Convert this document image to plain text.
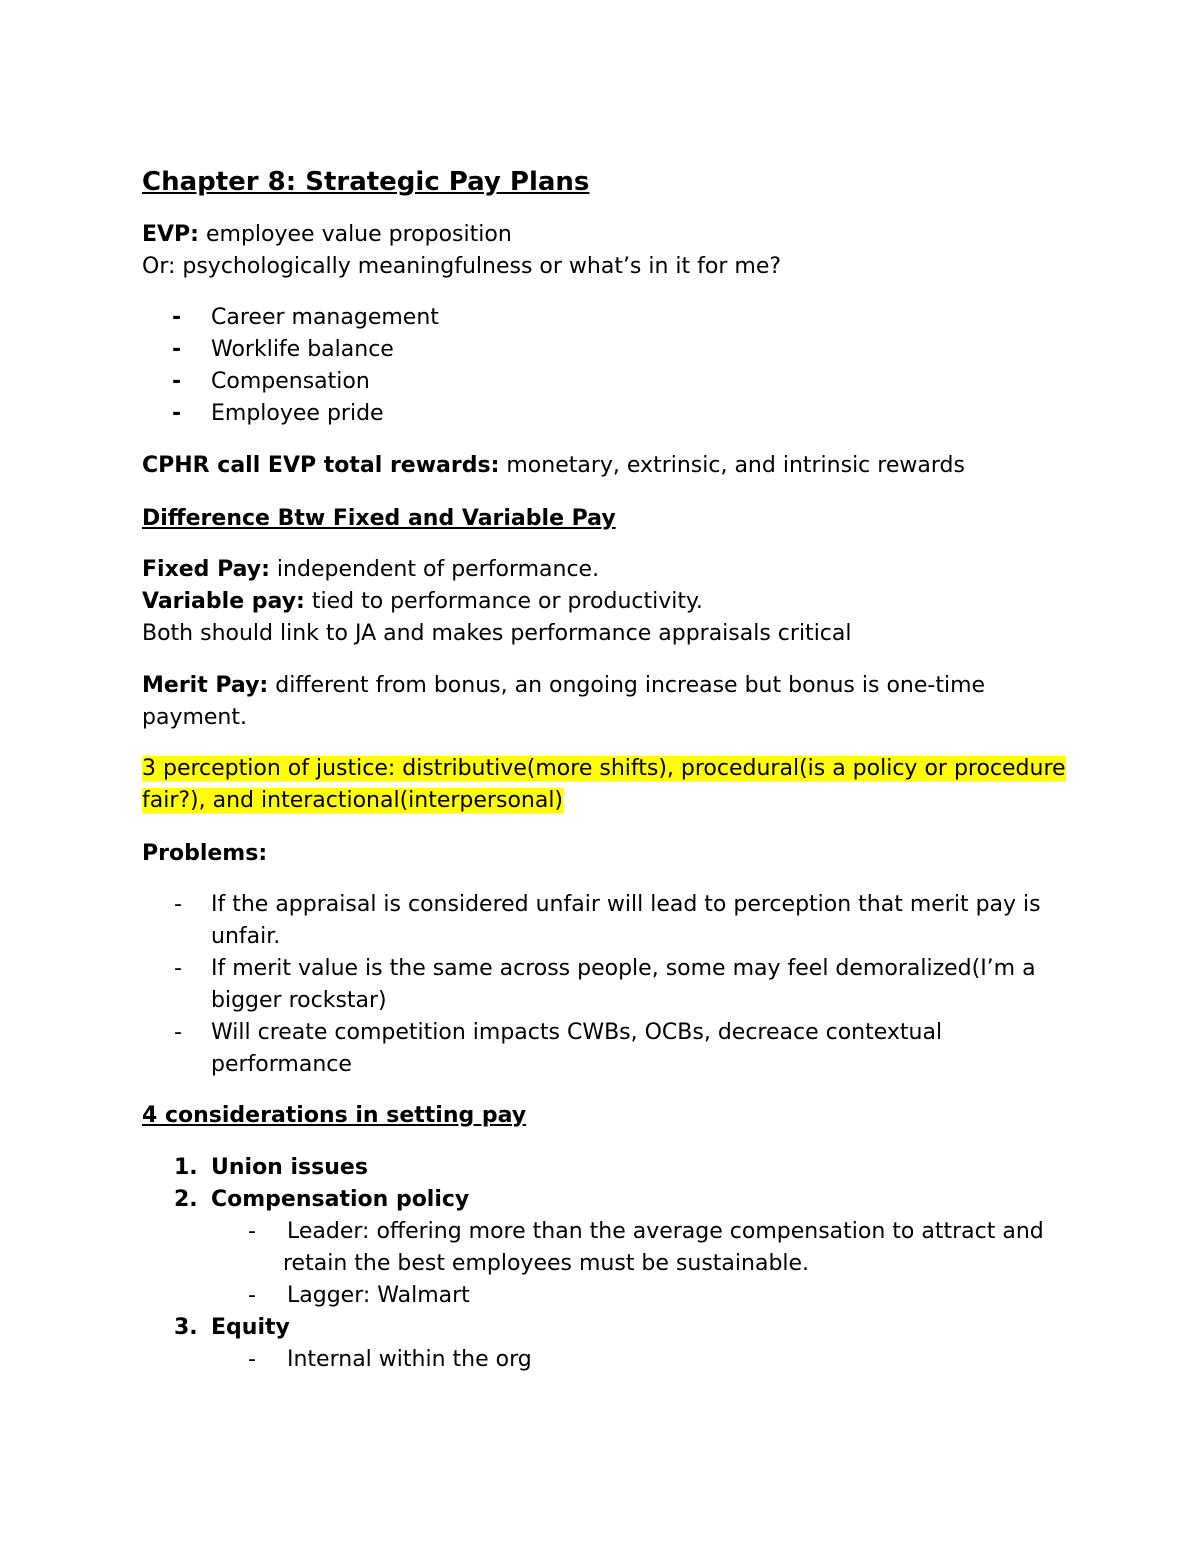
Chapter 8: Strategic Pay Plans
EVP: employee value proposition
Or: psychologically meaningfulness or what’s in it for me?
-	Career management
-	Worklife balance
-	Compensation
-	Employee pride
CPHR call EVP total rewards: monetary, extrinsic, and intrinsic rewards
Difference Btw Fixed and Variable Pay
Fixed Pay: independent of performance.
Variable pay: tied to performance or productivity.
Both should link to JA and makes performance appraisals critical
Merit Pay: different from bonus, an ongoing increase but bonus is one-time
payment.
3 perception of justice: distributive(more shifts), procedural(is a policy or procedure
fair?), and interactional(interpersonal)
Problems:
-	If the appraisal is considered unfair will lead to perception that merit pay is
unfair.
-	If merit value is the same across people, some may feel demoralized(I’m a
bigger rockstar)
-	Will create competition impacts CWBs, OCBs, decreace contextual
performance
4 considerations in setting pay
1. Union issues
2. Compensation policy
-	Leader: offering more than the average compensation to attract and
retain the best employees must be sustainable.
-	Lagger: Walmart
3. Equity
-	Internal within the org
